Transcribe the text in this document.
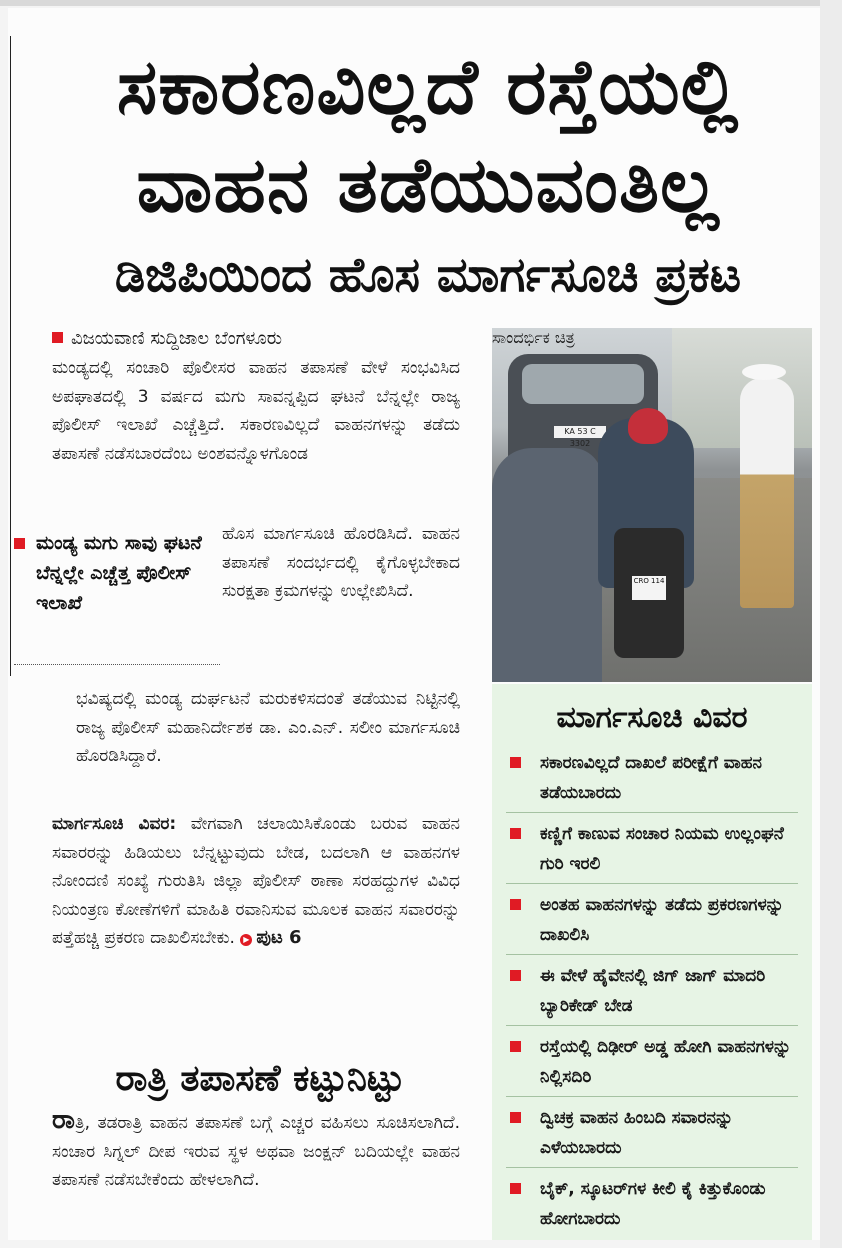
ಸಕಾರಣವಿಲ್ಲದೆ ರಸ್ತೆಯಲ್ಲಿ ವಾಹನ ತಡೆಯುವಂತಿಲ್ಲ
ಡಿಜಿಪಿಯಿಂದ ಹೊಸ ಮಾರ್ಗಸೂಚಿ ಪ್ರಕಟ
ವಿಜಯವಾಣಿ ಸುದ್ದಿಜಾಲ ಬೆಂಗಳೂರು
ಮಂಡ್ಯದಲ್ಲಿ ಸಂಚಾರಿ ಪೊಲೀಸರ ವಾಹನ ತಪಾಸಣೆ ವೇಳೆ ಸಂಭವಿಸಿದ ಅಪಘಾತದಲ್ಲಿ 3 ವರ್ಷದ ಮಗು ಸಾವನ್ನಪ್ಪಿದ ಘಟನೆ ಬೆನ್ನಲ್ಲೇ ರಾಜ್ಯ ಪೊಲೀಸ್ ಇಲಾಖೆ ಎಚ್ಚೆತ್ತಿದೆ. ಸಕಾರಣವಿಲ್ಲದೆ ವಾಹನಗಳನ್ನು ತಡೆದು ತಪಾಸಣೆ ನಡೆಸಬಾರದೆಂಬ ಅಂಶವನ್ನೊಳಗೊಂಡ
ಮಂಡ್ಯ ಮಗು ಸಾವು ಘಟನೆ ಬೆನ್ನಲ್ಲೇ ಎಚ್ಚೆತ್ತ ಪೊಲೀಸ್ ಇಲಾಖೆ
ಹೊಸ ಮಾರ್ಗಸೂಚಿ ಹೊರಡಿಸಿದೆ. ವಾಹನ ತಪಾಸಣೆ ಸಂದರ್ಭದಲ್ಲಿ ಕೈಗೊಳ್ಳಬೇಕಾದ ಸುರಕ್ಷತಾ ಕ್ರಮಗಳನ್ನು ಉಲ್ಲೇಖಿಸಿದೆ.

ಭವಿಷ್ಯದಲ್ಲಿ ಮಂಡ್ಯ ದುರ್ಘಟನೆ ಮರುಕಳಿಸದಂತೆ ತಡೆಯುವ ನಿಟ್ಟಿನಲ್ಲಿ ರಾಜ್ಯ ಪೊಲೀಸ್ ಮಹಾನಿರ್ದೇಶಕ ಡಾ. ಎಂ.ಎನ್. ಸಲೀಂ ಮಾರ್ಗಸೂಚಿ ಹೊರಡಿಸಿದ್ದಾರೆ.

ಮಾರ್ಗಸೂಚಿ ವಿವರ: ವೇಗವಾಗಿ ಚಲಾಯಿಸಿಕೊಂಡು ಬರುವ ವಾಹನ ಸವಾರರನ್ನು ಹಿಡಿಯಲು ಬೆನ್ನಟ್ಟುವುದು ಬೇಡ, ಬದಲಾಗಿ ಆ ವಾಹನಗಳ ನೋಂದಣಿ ಸಂಖ್ಯೆ ಗುರುತಿಸಿ ಜಿಲ್ಲಾ ಪೊಲೀಸ್ ಠಾಣಾ ಸರಹದ್ದುಗಳ ವಿವಿಧ ನಿಯಂತ್ರಣ ಕೋಣೆಗಳಿಗೆ ಮಾಹಿತಿ ರವಾನಿಸುವ ಮೂಲಕ ವಾಹನ ಸವಾರರನ್ನು ಪತ್ತೆಹಚ್ಚಿ ಪ್ರಕರಣ ದಾಖಲಿಸಬೇಕು. ▶ ಪುಟ 6
ರಾತ್ರಿ ತಪಾಸಣೆ ಕಟ್ಟುನಿಟ್ಟು
ರಾತ್ರಿ, ತಡರಾತ್ರಿ ವಾಹನ ತಪಾಸಣೆ ಬಗ್ಗೆ ಎಚ್ಚರ ವಹಿಸಲು ಸೂಚಿಸಲಾಗಿದೆ. ಸಂಚಾರ ಸಿಗ್ನಲ್ ದೀಪ ಇರುವ ಸ್ಥಳ ಅಥವಾ ಜಂಕ್ಷನ್ ಬದಿಯಲ್ಲೇ ವಾಹನ ತಪಾಸಣೆ ನಡೆಸಬೇಕೆಂದು ಹೇಳಲಾಗಿದೆ.
KA 53 C 3302
CRO 114
ಸಾಂದರ್ಭಿಕ ಚಿತ್ರ
ಮಾರ್ಗಸೂಚಿ ವಿವರ
ಸಕಾರಣವಿಲ್ಲದೆ ದಾಖಲೆ ಪರೀಕ್ಷೆಗೆ ವಾಹನ ತಡೆಯಬಾರದು
ಕಣ್ಣಿಗೆ ಕಾಣುವ ಸಂಚಾರ ನಿಯಮ ಉಲ್ಲಂಘನೆ ಗುರಿ ಇರಲಿ
ಅಂತಹ ವಾಹನಗಳನ್ನು ತಡೆದು ಪ್ರಕರಣಗಳನ್ನು ದಾಖಲಿಸಿ
ಈ ವೇಳೆ ಹೈವೇನಲ್ಲಿ ಜಿಗ್ ಜಾಗ್ ಮಾದರಿ ಬ್ಯಾರಿಕೇಡ್ ಬೇಡ
ರಸ್ತೆಯಲ್ಲಿ ದಿಢೀರ್ ಅಡ್ಡ ಹೋಗಿ ವಾಹನಗಳನ್ನು ನಿಲ್ಲಿಸದಿರಿ
ದ್ವಿಚಕ್ರ ವಾಹನ ಹಿಂಬದಿ ಸವಾರನನ್ನು ಎಳೆಯಬಾರದು
ಬೈಕ್, ಸ್ಕೂಟರ್‌ಗಳ ಕೀಲಿ ಕೈ ಕಿತ್ತುಕೊಂಡು ಹೋಗಬಾರದು
